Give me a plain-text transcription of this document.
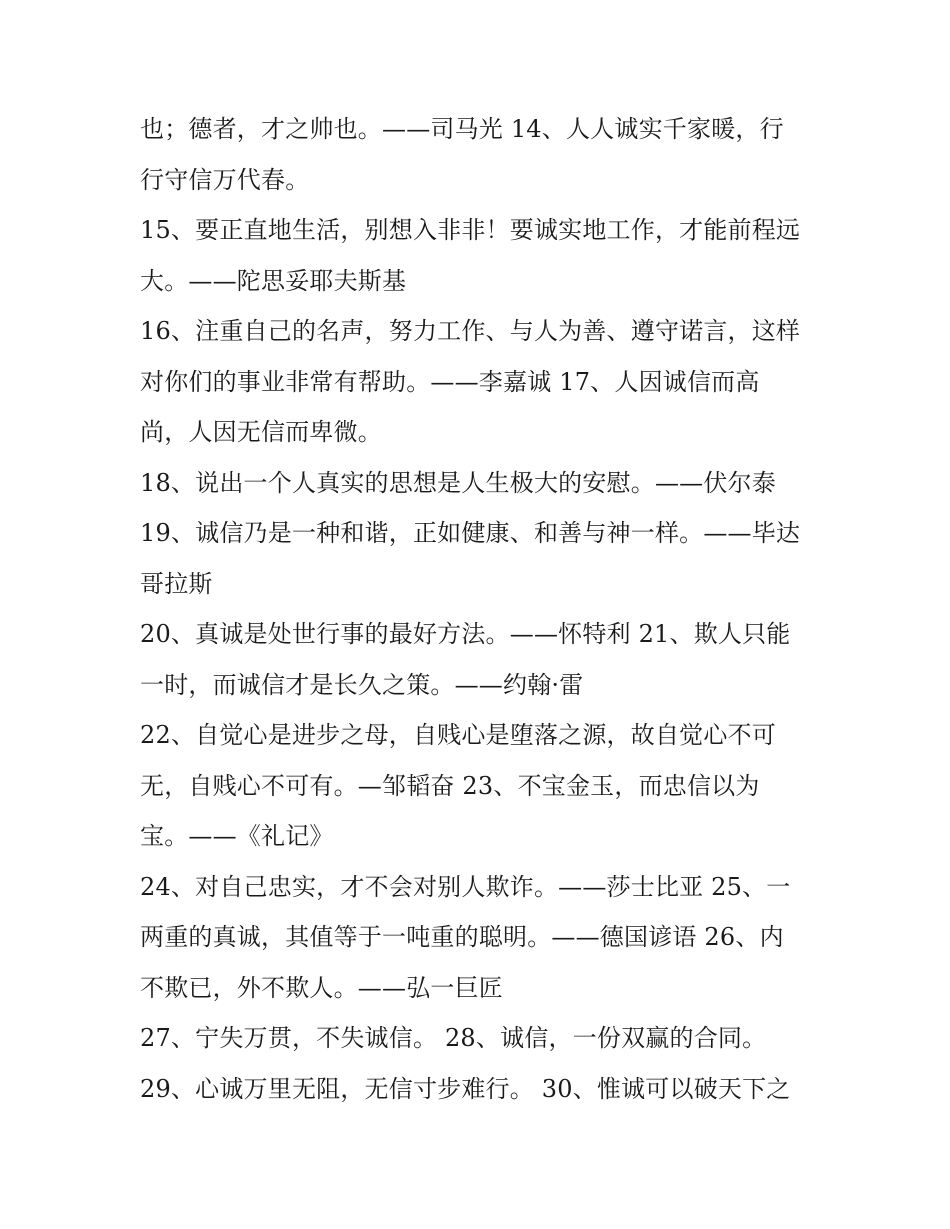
也；德者，才之帅也。——司马光 14、人人诚实千家暖，行
行守信万代春。
15、要正直地生活，别想入非非！要诚实地工作，才能前程远
大。——陀思妥耶夫斯基
16、注重自己的名声，努力工作、与人为善、遵守诺言，这样
对你们的事业非常有帮助。——李嘉诚 17、人因诚信而高
尚，人因无信而卑微。
18、说出一个人真实的思想是人生极大的安慰。——伏尔泰
19、诚信乃是一种和谐，正如健康、和善与神一样。——毕达
哥拉斯
20、真诚是处世行事的最好方法。——怀特利 21、欺人只能
一时，而诚信才是长久之策。——约翰·雷
22、自觉心是进步之母，自贱心是堕落之源，故自觉心不可
无，自贱心不可有。—邹韬奋 23、不宝金玉，而忠信以为
宝。——《礼记》
24、对自己忠实，才不会对别人欺诈。——莎士比亚 25、一
两重的真诚，其值等于一吨重的聪明。——德国谚语 26、内
不欺已，外不欺人。——弘一巨匠
27、宁失万贯，不失诚信。 28、诚信，一份双赢的合同。
29、心诚万里无阻，无信寸步难行。 30、惟诚可以破天下之
